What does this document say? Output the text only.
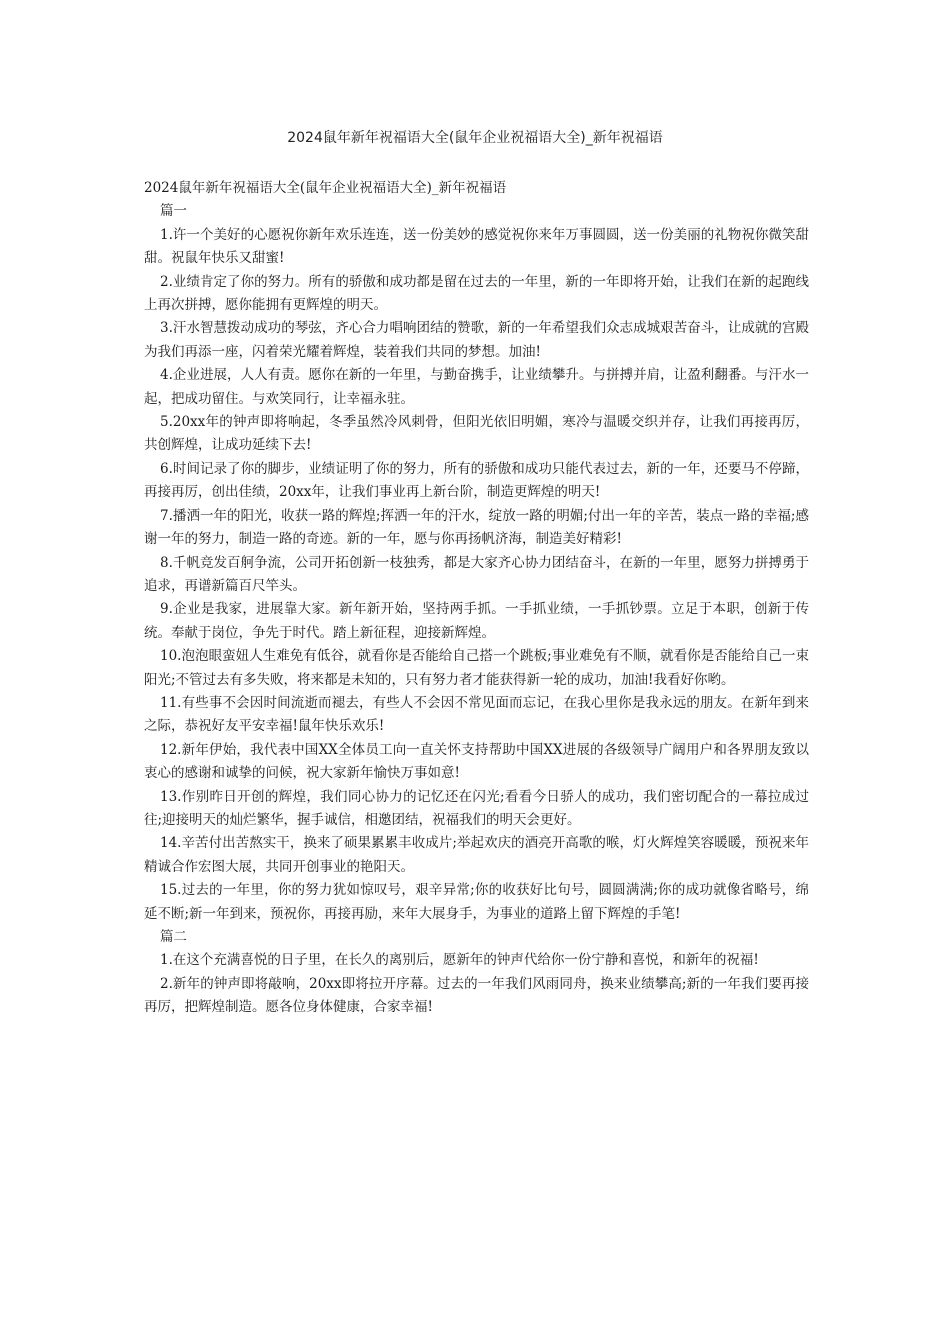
2024鼠年新年祝福语大全(鼠年企业祝福语大全)_新年祝福语

2024鼠年新年祝福语大全(鼠年企业祝福语大全)_新年祝福语

篇一

1.许一个美好的心愿祝你新年欢乐连连，送一份美妙的感觉祝你来年万事圆圆，送一份美丽的礼物祝你微笑甜甜。祝鼠年快乐又甜蜜!

2.业绩肯定了你的努力。所有的骄傲和成功都是留在过去的一年里，新的一年即将开始，让我们在新的起跑线上再次拼搏，愿你能拥有更辉煌的明天。

3.汗水智慧拨动成功的琴弦，齐心合力唱响团结的赞歌，新的一年希望我们众志成城艰苦奋斗，让成就的宫殿为我们再添一座，闪着荣光耀着辉煌，装着我们共同的梦想。加油!

4.企业进展，人人有责。愿你在新的一年里，与勤奋携手，让业绩攀升。与拼搏并肩，让盈利翻番。与汗水一起，把成功留住。与欢笑同行，让幸福永驻。

5.20xx年的钟声即将响起，冬季虽然冷风刺骨，但阳光依旧明媚，寒冷与温暖交织并存，让我们再接再厉，共创辉煌，让成功延续下去!

6.时间记录了你的脚步，业绩证明了你的努力，所有的骄傲和成功只能代表过去，新的一年，还要马不停蹄，再接再厉，创出佳绩，20xx年，让我们事业再上新台阶，制造更辉煌的明天!

7.播洒一年的阳光，收获一路的辉煌;挥洒一年的汗水，绽放一路的明媚;付出一年的辛苦，装点一路的幸福;感谢一年的努力，制造一路的奇迹。新的一年，愿与你再扬帆济海，制造美好精彩!

8.千帆竞发百舸争流，公司开拓创新一枝独秀，都是大家齐心协力团结奋斗，在新的一年里，愿努力拼搏勇于追求，再谱新篇百尺竿头。

9.企业是我家，进展靠大家。新年新开始，坚持两手抓。一手抓业绩，一手抓钞票。立足于本职，创新于传统。奉献于岗位，争先于时代。踏上新征程，迎接新辉煌。

10.泡泡眼蛮妞人生难免有低谷，就看你是否能给自己搭一个跳板;事业难免有不顺，就看你是否能给自己一束阳光;不管过去有多失败，将来都是未知的，只有努力者才能获得新一轮的成功，加油!我看好你哟。

11.有些事不会因时间流逝而褪去，有些人不会因不常见面而忘记，在我心里你是我永远的朋友。在新年到来之际，恭祝好友平安幸福!鼠年快乐欢乐!

12.新年伊始，我代表中国XX全体员工向一直关怀支持帮助中国XX进展的各级领导广阔用户和各界朋友致以衷心的感谢和诚挚的问候，祝大家新年愉快万事如意!

13.作别昨日开创的辉煌，我们同心协力的记忆还在闪光;看看今日骄人的成功，我们密切配合的一幕拉成过往;迎接明天的灿烂繁华，握手诚信，相邀团结，祝福我们的明天会更好。

14.辛苦付出苦熬实干，换来了硕果累累丰收成片;举起欢庆的酒亮开高歌的喉，灯火辉煌笑容暖暖，预祝来年精诚合作宏图大展，共同开创事业的艳阳天。

15.过去的一年里，你的努力犹如惊叹号，艰辛异常;你的收获好比句号，圆圆满满;你的成功就像省略号，绵延不断;新一年到来，预祝你，再接再励，来年大展身手，为事业的道路上留下辉煌的手笔!

篇二

1.在这个充满喜悦的日子里，在长久的离别后，愿新年的钟声代给你一份宁静和喜悦，和新年的祝福!

2.新年的钟声即将敲响，20xx即将拉开序幕。过去的一年我们风雨同舟，换来业绩攀高;新的一年我们要再接再厉，把辉煌制造。愿各位身体健康，合家幸福!
